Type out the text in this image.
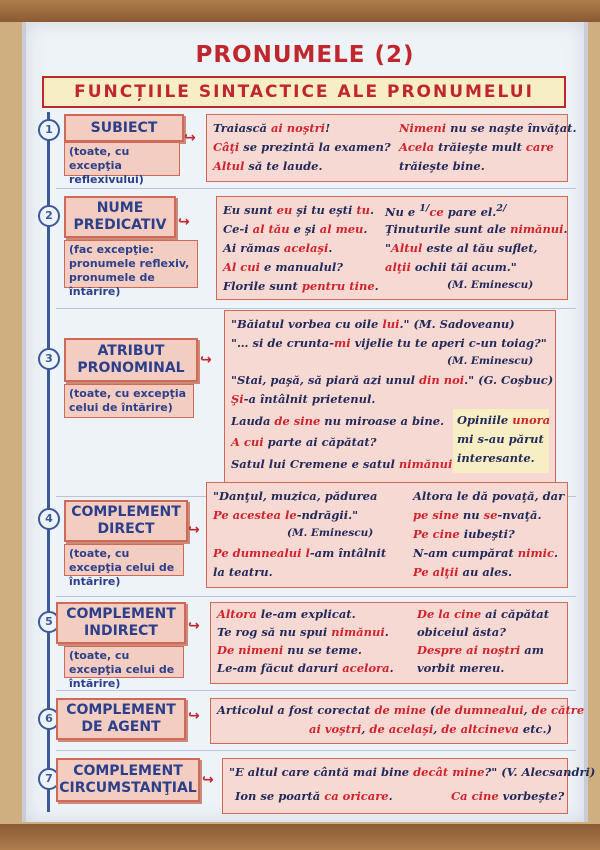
PRONUMELE (2)
FUNCȚIILE SINTACTICE ALE PRONUMELUI
1	SUBIECT
(toate, cu excepţia reflexivului)
↪
Traiască ai noştri!
Câţi se prezintă la examen?
Altul să te laude.
Nimeni nu se naşte învăţat.
Acela trăieşte mult care
trăieşte bine.
2	NUME PREDICATIV
(fac excepţie: pronumele reflexiv, pronumele de întărire)
↪
Eu sunt eu şi tu eşti tu.
Ce-i al tău e şi al meu.
Ai rămas acelaşi.
Al cui e manualul?
Florile sunt pentru tine.
Nu e $^{1/}$ce pare el.$^{2/}$
Ţinuturile sunt ale nimănui.
"Altul este al tău suflet,
alţii ochii tăi acum."
(M. Eminescu)
3	ATRIBUT PRONOMINAL
(toate, cu excepţia celui de întărire)
↪
"Băiatul vorbea cu oile lui." (M. Sadoveanu)
"… si de crunta-mi vijelie tu te aperi c-un toiag?"
(M. Eminescu)
"Stai, paşă, să piară azi unul din noi." (G. Coşbuc)
Şi-a întâlnit prietenul.
Lauda de sine nu miroase a bine.
A cui parte ai căpătat?
Satul lui Cremene e satul nimănui
Opiniile unora
mi s-au părut
interesante.
4	COMPLEMENT DIRECT
(toate, cu excepţia celui de întărire)
↪
"Danţul, muzica, pădurea
Pe acestea le-ndrăgii."
(M. Eminescu)
Pe dumnealui l-am întâlnit
la teatru.
Altora le dă povaţă, dar
pe sine nu se-nvaţă.
Pe cine iubeşti?
N-am cumpărat nimic.
Pe alţii au ales.
5 COMPLEMENT INDIRECT
(toate, cu excepţia celui de întărire)
↪
Altora le-am explicat.
Te rog să nu spui nimănui.
De nimeni nu se teme.
Le-am făcut daruri acelora.
De la cine ai căpătat
obiceiul ăsta?
Despre ai noştri am
vorbit mereu.
6
COMPLEMENT DE AGENT
↪ Articolul a fost corectat de mine (de dumnealui, de către
ai voştri, de acelaşi, de altcineva etc.)
7	COMPLEMENT CIRCUMSTANŢIAL ↪ "E altul care cântă mai bine decât mine?" (V. Alecsandri)
Ion se poartă ca oricare.	Ca cine vorbeşte?
